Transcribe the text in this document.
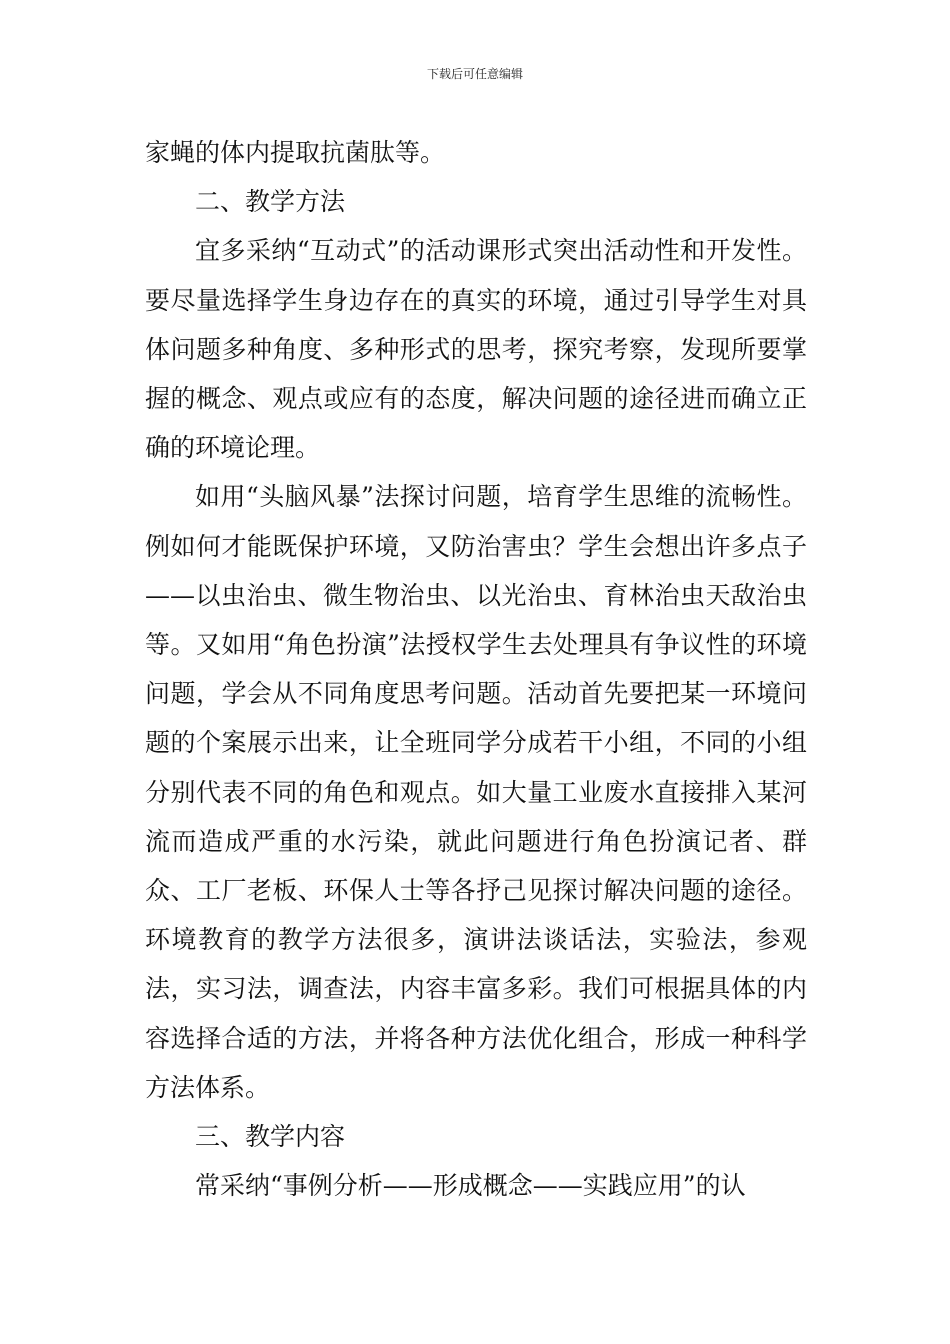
下载后可任意编辑

家蝇的体内提取抗菌肽等。

二、教学方法

宜多采纳“互动式”的活动课形式突出活动性和开发性。要尽量选择学生身边存在的真实的环境，通过引导学生对具体问题多种角度、多种形式的思考，探究考察，发现所要掌握的概念、观点或应有的态度，解决问题的途径进而确立正确的环境论理。

如用“头脑风暴”法探讨问题，培育学生思维的流畅性。例如何才能既保护环境，又防治害虫？学生会想出许多点子——以虫治虫、微生物治虫、以光治虫、育林治虫天敌治虫等。又如用“角色扮演”法授权学生去处理具有争议性的环境问题，学会从不同角度思考问题。活动首先要把某一环境问题的个案展示出来，让全班同学分成若干小组，不同的小组分别代表不同的角色和观点。如大量工业废水直接排入某河流而造成严重的水污染，就此问题进行角色扮演记者、群众、工厂老板、环保人士等各抒己见探讨解决问题的途径。环境教育的教学方法很多，演讲法谈话法，实验法，参观法，实习法，调查法，内容丰富多彩。我们可根据具体的内容选择合适的方法，并将各种方法优化组合，形成一种科学方法体系。

三、教学内容

常采纳“事例分析——形成概念——实践应用”的认
